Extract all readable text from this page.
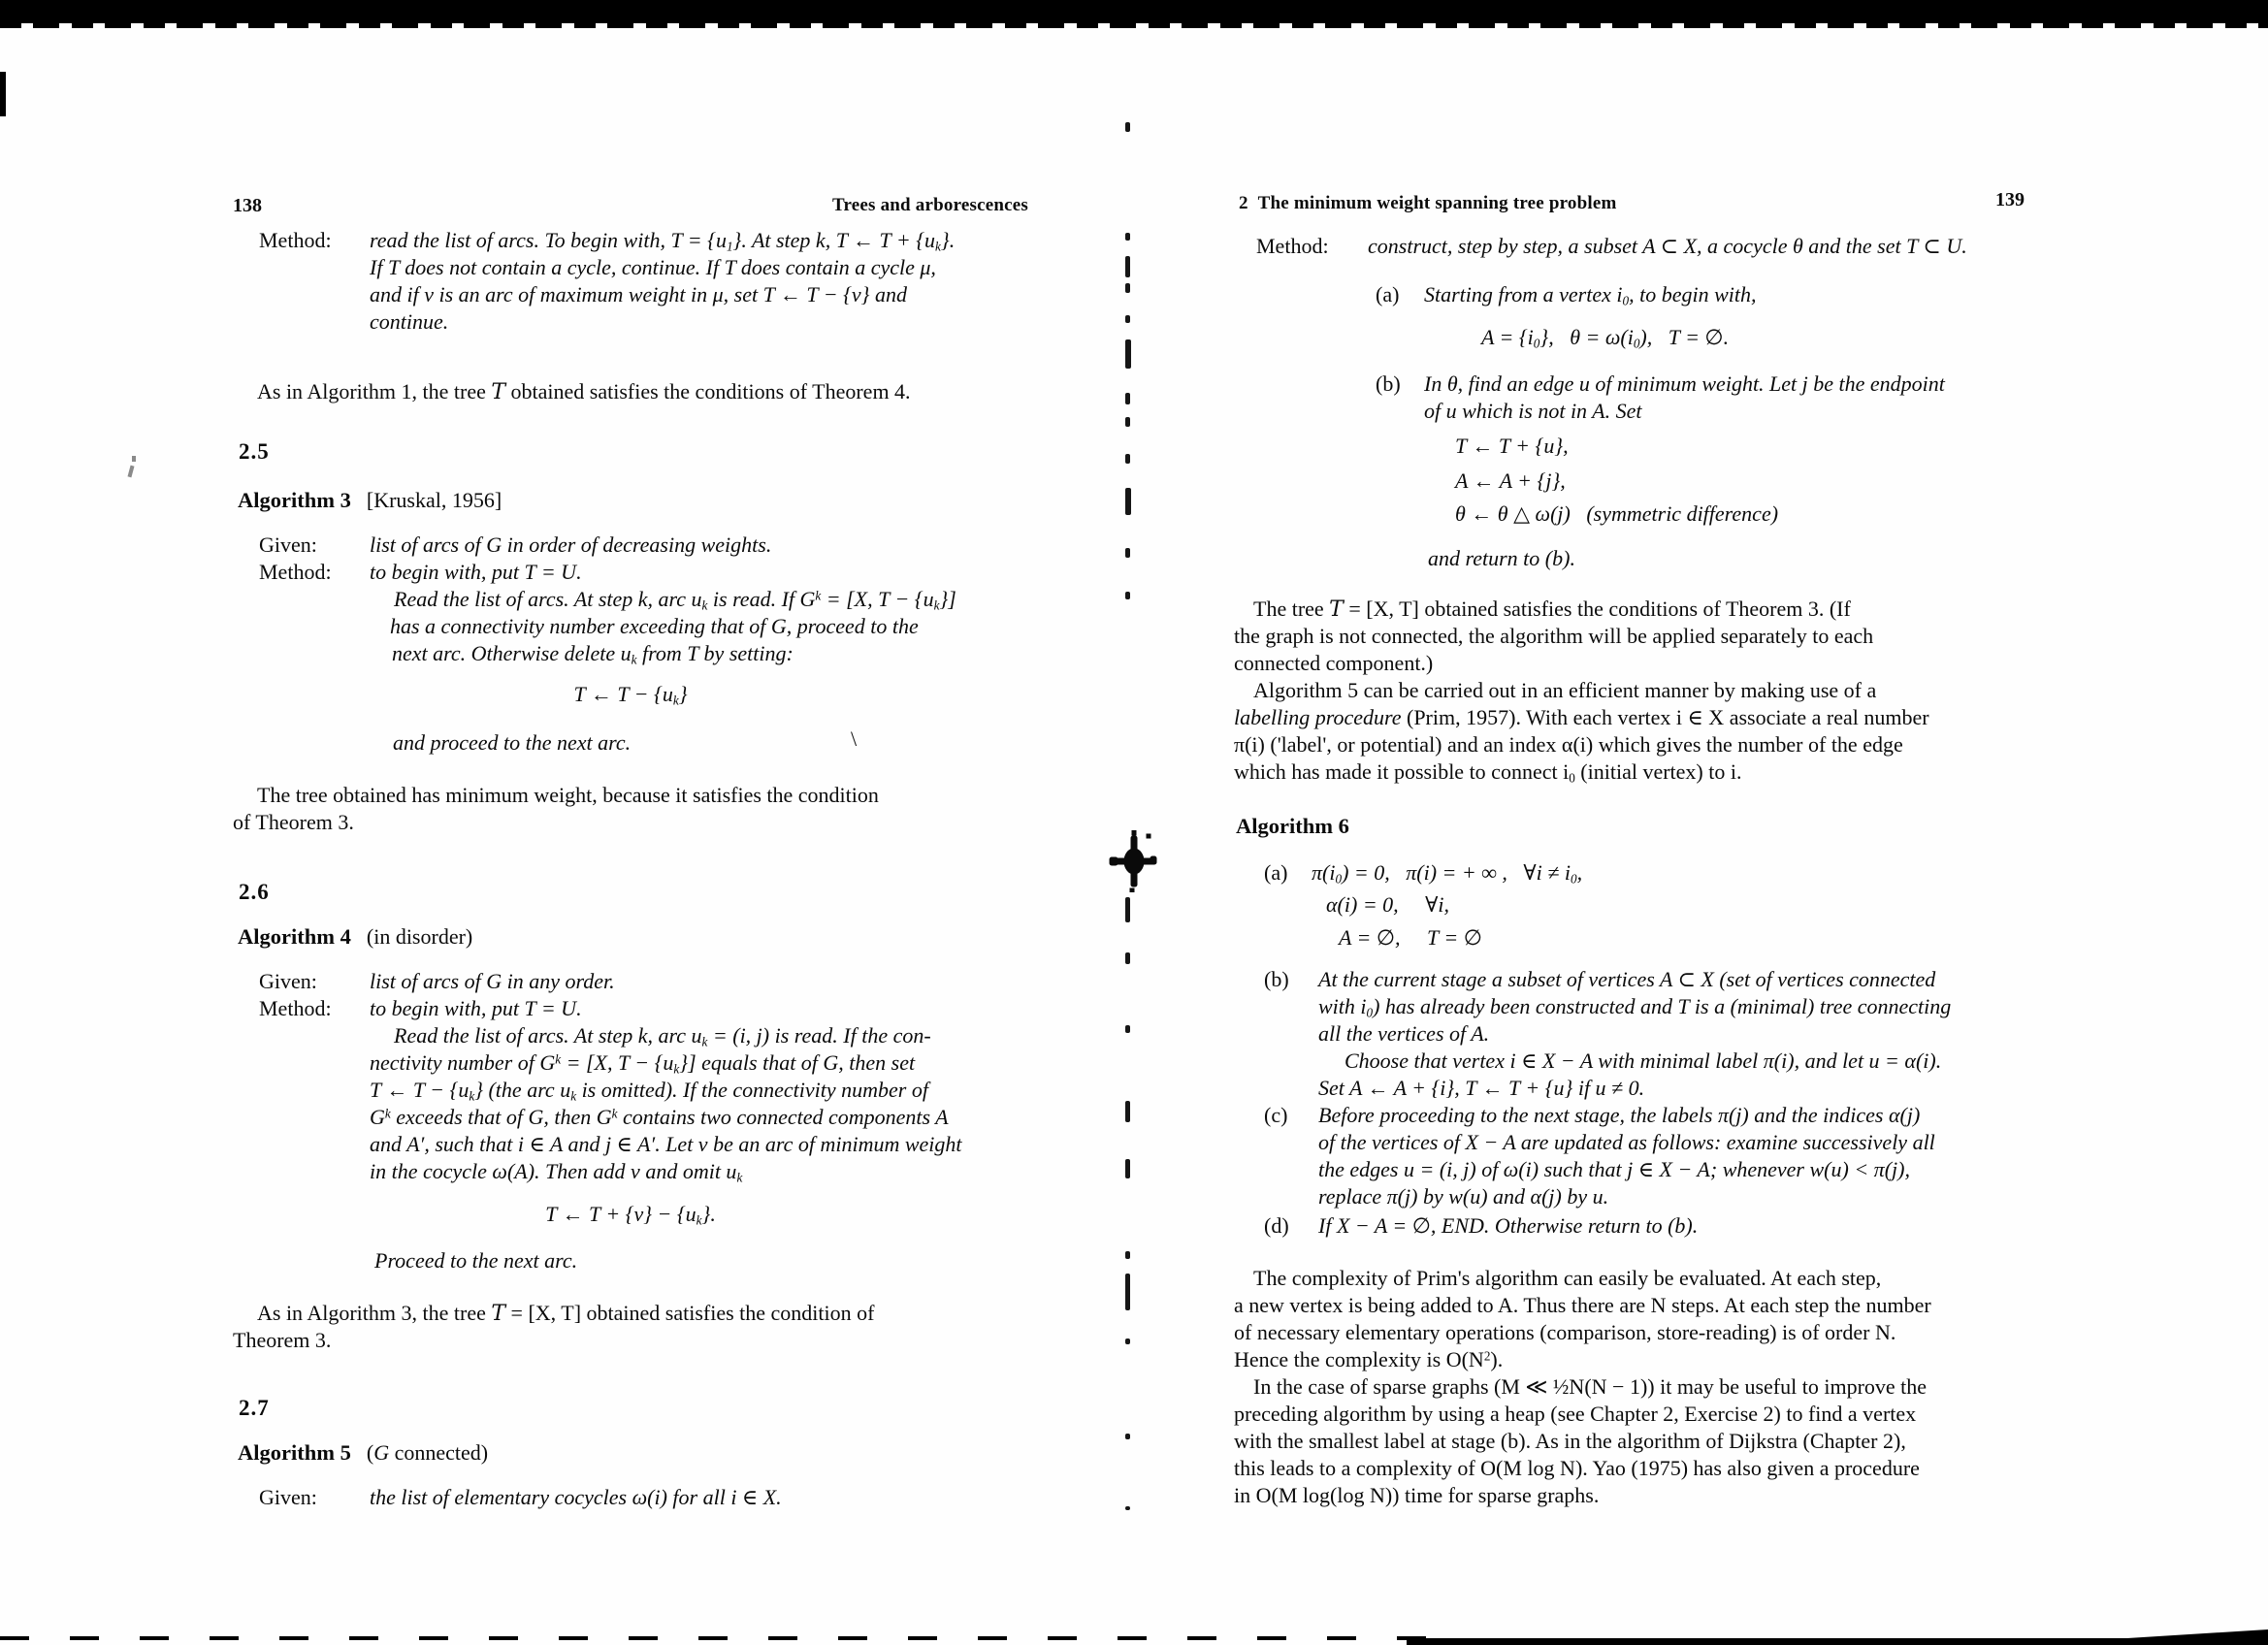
138	Trees and arborescences
Method: read the list of arcs. To begin with, $T = \{u_1\}$. At step k, T ← $T + \{u_k\}$.
If T does not contain a cycle, continue. If T does contain a cycle μ,
and if v is an arc of maximum weight in μ, set T ← T − {v} and
continue.
As in Algorithm 1, the tree T obtained satisfies the conditions of Theorem 4.
2.5
Algorithm 3 [Kruskal, 1956]
Given: list of arcs of G in order of decreasing weights.
Method: to begin with, put T = U.
Read the list of arcs. At step k, arc $u_k$ is read. If $G^k = [X$, $T - \{u_k\}$]
has a connectivity number exceeding that of G, proceed to the
next arc. Otherwise delete $u_k$ from T by setting:
T ← $T - \{u_k\}$
and proceed to the next arc.	\
The tree obtained has minimum weight, because it satisfies the condition
of Theorem 3.
2.6
Algorithm 4 (in disorder)
Given: list of arcs of G in any order.
Method: to begin with, put T = U.
Read the list of arcs. At step k, arc $u_k = (i$, j) is read. If the con-
nectivity number of $G^k = [X$, $T - \{u_k\}$] equals that of G, then set
T ← $T - \{u_k\}$ (the arc $u_k$ is omitted). If the connectivity number of
$G^k$ exceeds that of G, then $G^k$ contains two connected components A
and A′, such that i ∈ A and j ∈ A′. Let v be an arc of minimum weight
in the cocycle ω(A). Then add v and omit $u_k$
T ← $T + \{v\} - \{u_k\}$.
Proceed to the next arc.
As in Algorithm 3, the tree T = [X, T] obtained satisfies the condition of
Theorem 3.
2.7
Algorithm 5 (G connected)
Given: the list of elementary cocycles ω(i) for all i ∈ X.
2 The minimum weight spanning tree problem	139
Method: construct, step by step, a subset A ⊂ X, a cocycle θ and the set T ⊂ U.
(a) Starting from a vertex $i_0$, to begin with,
$A = \{i_0\}$,   $\theta = \omega(i_0)$,   T = ∅.
(b) In θ, find an edge u of minimum weight. Let j be the endpoint
of u which is not in A. Set
T ← T + {u},
A ← A + {j},
θ ← θ △ ω(j)   (symmetric difference)
and return to (b).
The tree T = [X, T] obtained satisfies the conditions of Theorem 3. (If
the graph is not connected, the algorithm will be applied separately to each
connected component.)
Algorithm 5 can be carried out in an efficient manner by making use of a
labelling procedure (Prim, 1957). With each vertex i ∈ X associate a real number
π(i) ('label', or potential) and an index α(i) which gives the number of the edge
which has made it possible to connect $i_0$ (initial vertex) to i.
Algorithm 6
(a) $\pi(i_0) = 0$,   π(i) = + ∞ ,   ∀i ≠ $i_0$,
α(i) = 0,     ∀i,
A = ∅,     T = ∅
(b) At the current stage a subset of vertices A ⊂ X (set of vertices connected
with $i_0$) has already been constructed and T is a (minimal) tree connecting
all the vertices of A.
Choose that vertex i ∈ X − A with minimal label π(i), and let u = α(i).
Set A ← A + {i}, T ← T + {u} if u ≠ 0.
(c) Before proceeding to the next stage, the labels π(j) and the indices α(j)
of the vertices of X − A are updated as follows: examine successively all
the edges u = (i, j) of ω(i) such that j ∈ X − A; whenever w(u) < π(j),
replace π(j) by w(u) and α(j) by u.
(d) If X − A = ∅, END. Otherwise return to (b).
The complexity of Prim's algorithm can easily be evaluated. At each step,
a new vertex is being added to A. Thus there are N steps. At each step the number
of necessary elementary operations (comparison, store-reading) is of order N.
Hence the complexity is $O(N^2)$.
In the case of sparse graphs (M ≪ ½N(N − 1)) it may be useful to improve the
preceding algorithm by using a heap (see Chapter 2, Exercise 2) to find a vertex
with the smallest label at stage (b). As in the algorithm of Dijkstra (Chapter 2),
this leads to a complexity of O(M log N). Yao (1975) has also given a procedure
in O(M log(log N)) time for sparse graphs.
